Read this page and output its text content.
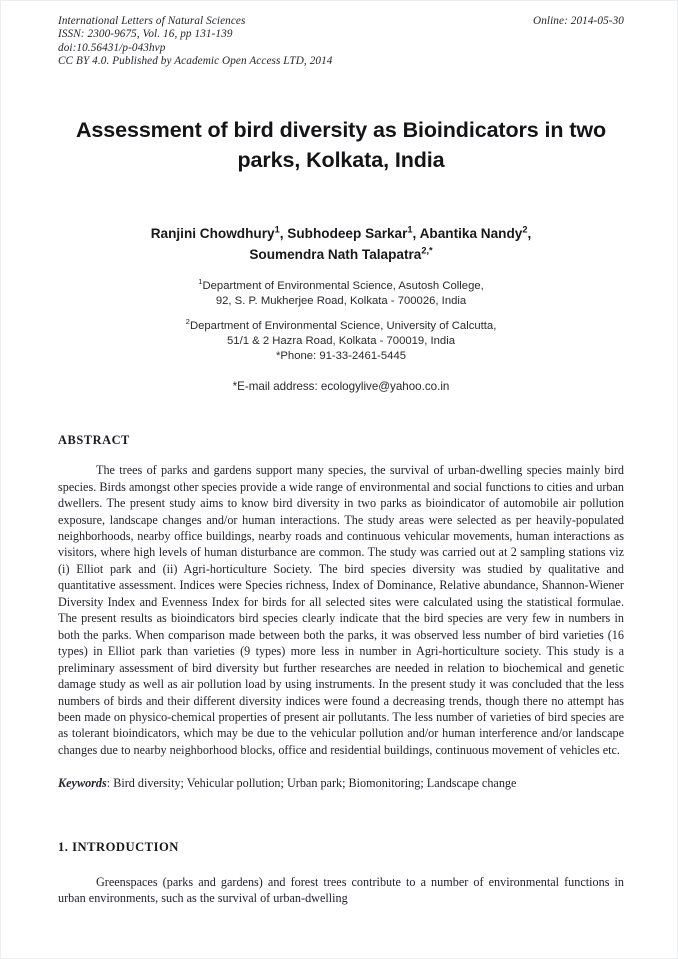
International Letters of Natural Sciences
ISSN: 2300-9675, Vol. 16, pp 131-139
doi:10.56431/p-043hvp
CC BY 4.0. Published by Academic Open Access LTD, 2014
Online: 2014-05-30
Assessment of bird diversity as Bioindicators in two parks, Kolkata, India
Ranjini Chowdhury$^1$, Subhodeep Sarkar$^1$, Abantika Nandy$^2$,
Soumendra Nath Talapatra$^{2,*}$
$^1$Department of Environmental Science, Asutosh College,
92, S. P. Mukherjee Road, Kolkata - 700026, India
$^2$Department of Environmental Science, University of Calcutta,
51/1 & 2 Hazra Road, Kolkata - 700019, India
*Phone: 91-33-2461-5445
*E-mail address: ecologylive@yahoo.co.in
ABSTRACT

The trees of parks and gardens support many species, the survival of urban-dwelling species mainly bird species. Birds amongst other species provide a wide range of environmental and social functions to cities and urban dwellers. The present study aims to know bird diversity in two parks as bioindicator of automobile air pollution exposure, landscape changes and/or human interactions. The study areas were selected as per heavily-populated neighborhoods, nearby office buildings, nearby roads and continuous vehicular movements, human interactions as visitors, where high levels of human disturbance are common. The study was carried out at 2 sampling stations viz (i) Elliot park and (ii) Agri-horticulture Society. The bird species diversity was studied by qualitative and quantitative assessment. Indices were Species richness, Index of Dominance, Relative abundance, Shannon-Wiener Diversity Index and Evenness Index for birds for all selected sites were calculated using the statistical formulae. The present results as bioindicators bird species clearly indicate that the bird species are very few in numbers in both the parks. When comparison made between both the parks, it was observed less number of bird varieties (16 types) in Elliot park than varieties (9 types) more less in number in Agri-horticulture society. This study is a preliminary assessment of bird diversity but further researches are needed in relation to biochemical and genetic damage study as well as air pollution load by using instruments. In the present study it was concluded that the less numbers of birds and their different diversity indices were found a decreasing trends, though there no attempt has been made on physico-chemical properties of present air pollutants. The less number of varieties of bird species are as tolerant bioindicators, which may be due to the vehicular pollution and/or human interference and/or landscape changes due to nearby neighborhood blocks, office and residential buildings, continuous movement of vehicles etc.

Keywords: Bird diversity; Vehicular pollution; Urban park; Biomonitoring; Landscape change

1. INTRODUCTION

Greenspaces (parks and gardens) and forest trees contribute to a number of environmental functions in urban environments, such as the survival of urban-dwelling
